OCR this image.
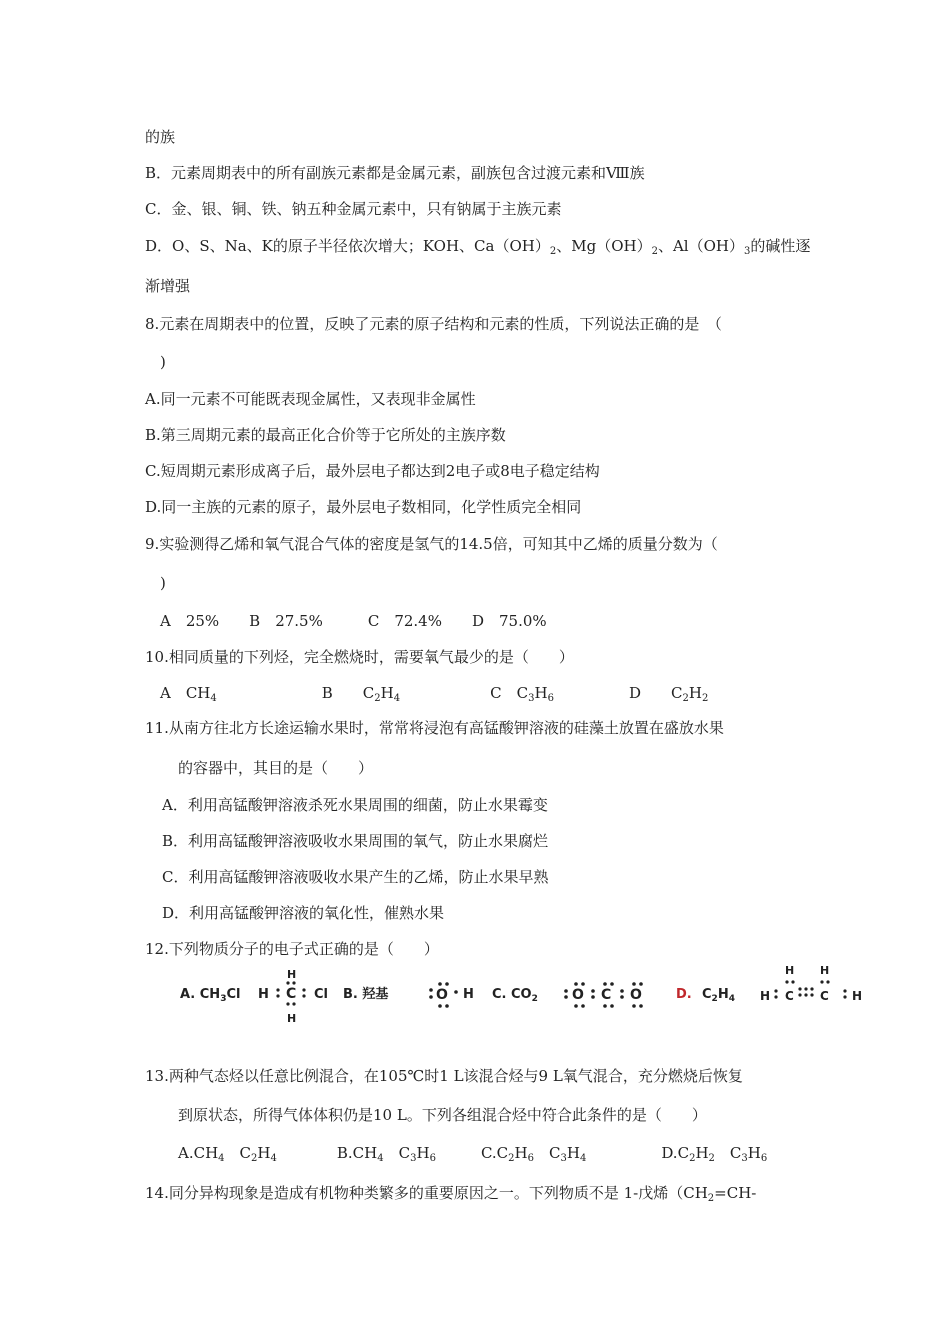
的族
B．元素周期表中的所有副族元素都是金属元素，副族包含过渡元素和Ⅷ族
C．金、银、铜、铁、钠五种金属元素中，只有钠属于主族元素
D．O、S、Na、K的原子半径依次增大；KOH、$Ca(OH)_2$、$Mg(OH)_2$、$Al(OH)_3$的碱性逐
渐增强
8.元素在周期表中的位置，反映了元素的原子结构和元素的性质，下列说法正确的是　（
　)
A.同一元素不可能既表现金属性，又表现非金属性
B.第三周期元素的最高正化合价等于它所处的主族序数
C.短周期元素形成离子后，最外层电子都达到2电子或8电子稳定结构
D.同一主族的元素的原子，最外层电子数相同，化学性质完全相同
9.实验测得乙烯和氧气混合气体的密度是氢气的14.5倍，可知其中乙烯的质量分数为（
　)
　A　25%　　B　27.5%　　　C　72.4%　　D　75.0%
10.相同质量的下列烃，完全燃烧时，需要氧气最少的是（　　）
　A　$CH_4$　　　　　　　B　　$C_2H_4$　　　　　　C　$C_3H_6$　　　　　D　　$C_2H_2$
11.从南方往北方长途运输水果时，常常将浸泡有高锰酸钾溶液的硅藻土放置在盛放水果
的容器中，其目的是（　　）
A．利用高锰酸钾溶液杀死水果周围的细菌，防止水果霉变
B．利用高锰酸钾溶液吸收水果周围的氧气，防止水果腐烂
C．利用高锰酸钾溶液吸收水果产生的乙烯，防止水果早熟
D．利用高锰酸钾溶液的氧化性，催熟水果
12.下列物质分子的电子式正确的是（　　）
13.两种气态烃以任意比例混合，在105℃时1 L该混合烃与9 L氧气混合，充分燃烧后恢复
到原状态，所得气体体积仍是10 L。下列各组混合烃中符合此条件的是（　　）
$A.CH_4$　$C_2H_4$　　　　$B.CH_4$　$C_3H_6$　　　$C.C_2H_6$　$C_3H_4$　　　　　$D.C_2H_2$　$C_3H_6$
14.同分异构现象是造成有机物种类繁多的重要原因之一。下列物质不是 1-戊烯（$CH_2=CH-$
A. $CH_3Cl$ H
H
C
H
Cl B. 羟基	O H C. $CO_2$ O C O	D. $C_2H_4$ H
H
C
H
C H
